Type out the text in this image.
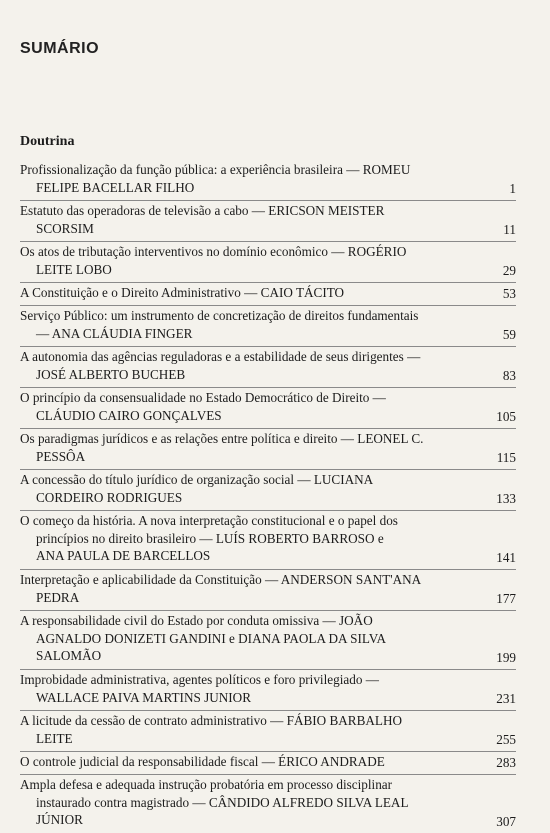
SUMÁRIO
Doutrina
Profissionalização da função pública: a experiência brasileira — ROMEU
FELIPE BACELLAR FILHO	1
Estatuto das operadoras de televisão a cabo — ERICSON MEISTER
SCORSIM	11
Os atos de tributação interventivos no domínio econômico — ROGÉRIO
LEITE LOBO	29
A Constituição e o Direito Administrativo — CAIO TÁCITO	53
Serviço Público: um instrumento de concretização de direitos fundamentais
— ANA CLÁUDIA FINGER	59
A autonomia das agências reguladoras e a estabilidade de seus dirigentes —
JOSÉ ALBERTO BUCHEB	83
O princípio da consensualidade no Estado Democrático de Direito —
CLÁUDIO CAIRO GONÇALVES	105
Os paradigmas jurídicos e as relações entre política e direito — LEONEL C.
PESSÔA	115
A concessão do título jurídico de organização social — LUCIANA
CORDEIRO RODRIGUES	133
O começo da história. A nova interpretação constitucional e o papel dos
princípios no direito brasileiro — LUÍS ROBERTO BARROSO e
ANA PAULA DE BARCELLOS	141
Interpretação e aplicabilidade da Constituição — ANDERSON SANT'ANA
PEDRA	177
A responsabilidade civil do Estado por conduta omissiva — JOÃO
AGNALDO DONIZETI GANDINI e DIANA PAOLA DA SILVA
SALOMÃO	199
Improbidade administrativa, agentes políticos e foro privilegiado —
WALLACE PAIVA MARTINS JUNIOR	231
A licitude da cessão de contrato administrativo — FÁBIO BARBALHO
LEITE	255
O controle judicial da responsabilidade fiscal — ÉRICO ANDRADE	283
Ampla defesa e adequada instrução probatória em processo disciplinar
instaurado contra magistrado — CÂNDIDO ALFREDO SILVA LEAL
JÚNIOR	307
